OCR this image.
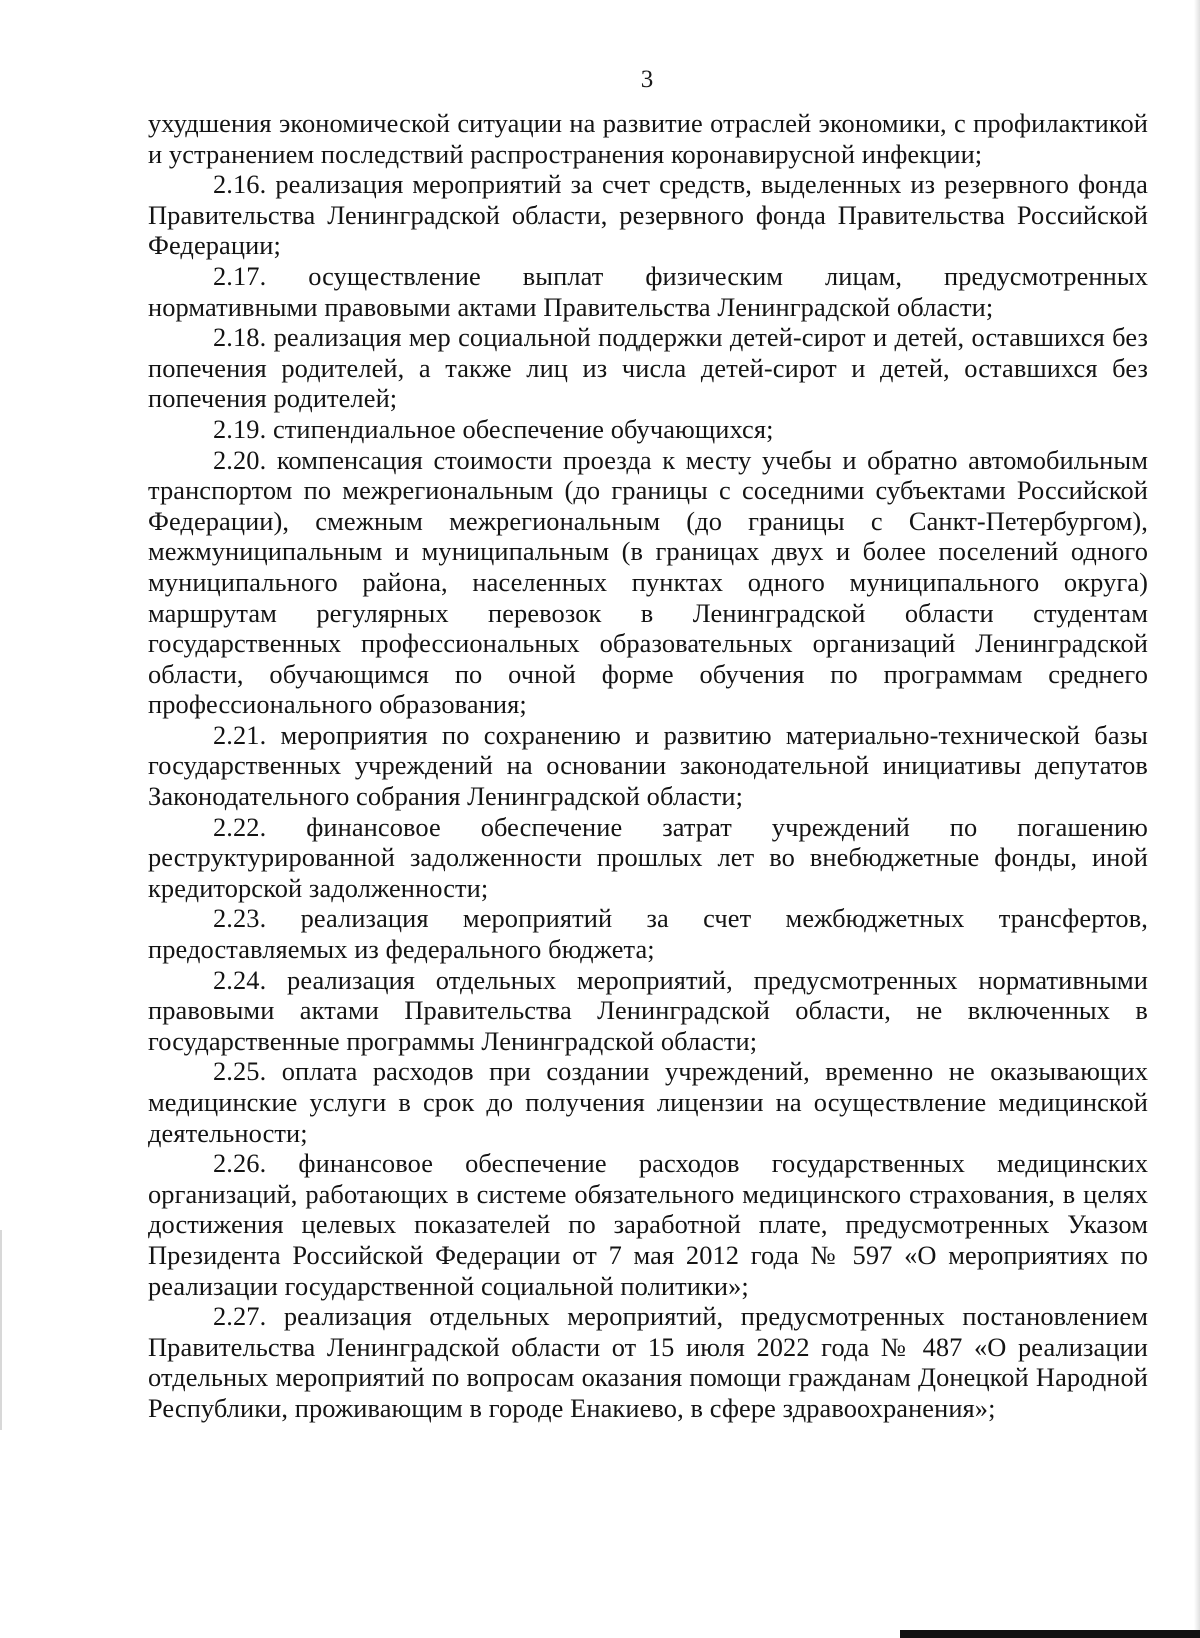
3

ухудшения экономической ситуации на развитие отраслей экономики, с профилактикой и устранением последствий распространения коронавирусной инфекции;

2.16. реализация мероприятий за счет средств, выделенных из резервного фонда Правительства Ленинградской области, резервного фонда Правительства Российской Федерации;

2.17. осуществление выплат физическим лицам, предусмотренных нормативными правовыми актами Правительства Ленинградской области;

2.18. реализация мер социальной поддержки детей-сирот и детей, оставшихся без попечения родителей, а также лиц из числа детей-сирот и детей, оставшихся без попечения родителей;

2.19. стипендиальное обеспечение обучающихся;

2.20. компенсация стоимости проезда к месту учебы и обратно автомобильным транспортом по межрегиональным (до границы с соседними субъектами Российской Федерации), смежным межрегиональным (до границы с Санкт-Петербургом), межмуниципальным и муниципальным (в границах двух и более поселений одного муниципального района, населенных пунктах одного муниципального округа) маршрутам регулярных перевозок в Ленинградской области студентам государственных профессиональных образовательных организаций Ленинградской области, обучающимся по очной форме обучения по программам среднего профессионального образования;

2.21. мероприятия по сохранению и развитию материально-технической базы государственных учреждений на основании законодательной инициативы депутатов Законодательного собрания Ленинградской области;

2.22. финансовое обеспечение затрат учреждений по погашению реструктурированной задолженности прошлых лет во внебюджетные фонды, иной кредиторской задолженности;

2.23. реализация мероприятий за счет межбюджетных трансфертов, предоставляемых из федерального бюджета;

2.24. реализация отдельных мероприятий, предусмотренных нормативными правовыми актами Правительства Ленинградской области, не включенных в государственные программы Ленинградской области;

2.25. оплата расходов при создании учреждений, временно не оказывающих медицинские услуги в срок до получения лицензии на осуществление медицинской деятельности;

2.26. финансовое обеспечение расходов государственных медицинских организаций, работающих в системе обязательного медицинского страхования, в целях достижения целевых показателей по заработной плате, предусмотренных Указом Президента Российской Федерации от 7 мая 2012 года № 597 «О мероприятиях по реализации государственной социальной политики»;

2.27. реализация отдельных мероприятий, предусмотренных постановлением Правительства Ленинградской области от 15 июля 2022 года № 487 «О реализации отдельных мероприятий по вопросам оказания помощи гражданам Донецкой Народной Республики, проживающим в городе Енакиево, в сфере здравоохранения»;
